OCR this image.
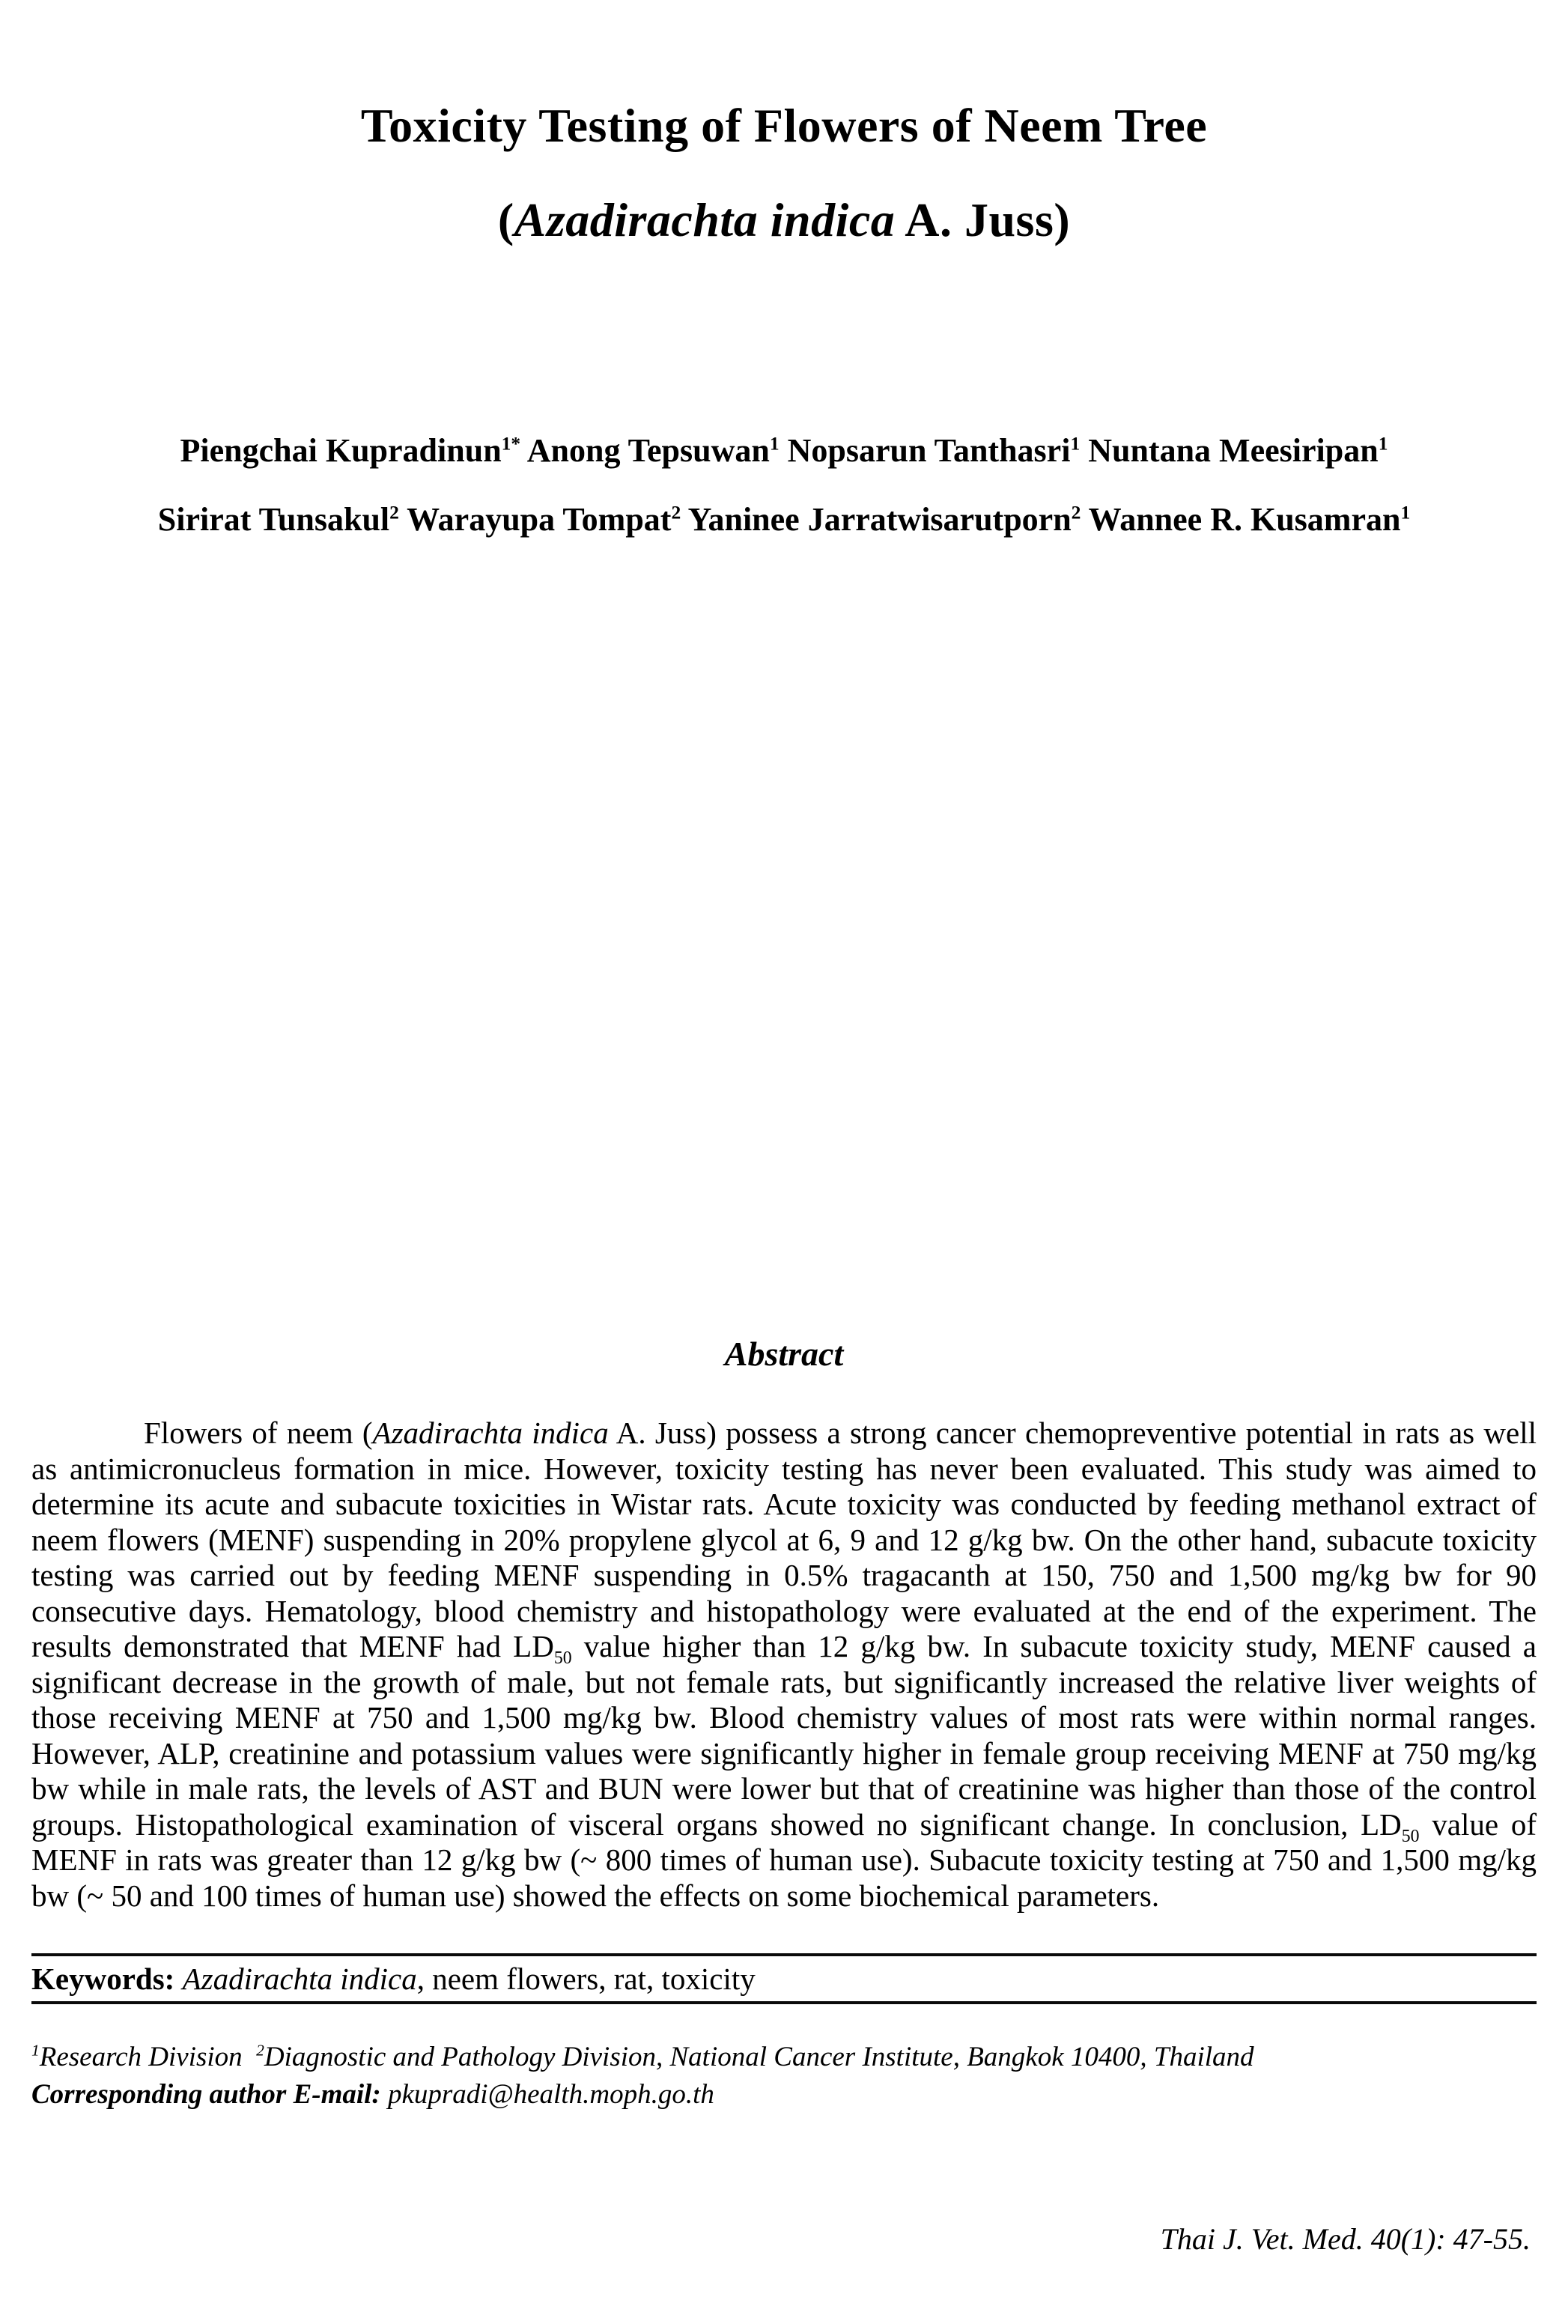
Toxicity Testing of Flowers of Neem Tree
(Azadirachta indica A. Juss)
Piengchai Kupradinun$^{1*}$ Anong Tepsuwan$^1$ Nopsarun Tanthasri$^1$ Nuntana Meesiripan$^1$
Sirirat Tunsakul$^2$ Warayupa Tompat$^2$ Yaninee Jarratwisarutporn$^2$ Wannee R. Kusamran$^1$
Abstract
Flowers of neem (Azadirachta indica A. Juss) possess a strong cancer chemopreventive potential in rats as well as antimicronucleus formation in mice. However, toxicity testing has never been evaluated. This study was aimed to determine its acute and subacute toxicities in Wistar rats. Acute toxicity was conducted by feeding methanol extract of neem flowers (MENF) suspending in 20% propylene glycol at 6, 9 and 12 g/kg bw. On the other hand, subacute toxicity testing was carried out by feeding MENF suspending in 0.5% tragacanth at 150, 750 and 1,500 mg/kg bw for 90 consecutive days. Hematology, blood chemistry and histopathology were evaluated at the end of the experiment. The results demonstrated that MENF had $LD_{50}$ value higher than 12 g/kg bw. In subacute toxicity study, MENF caused a significant decrease in the growth of male, but not female rats, but significantly increased the relative liver weights of those receiving MENF at 750 and 1,500 mg/kg bw. Blood chemistry values of most rats were within normal ranges. However, ALP, creatinine and potassium values were significantly higher in female group receiving MENF at 750 mg/kg bw while in male rats, the levels of AST and BUN were lower but that of creatinine was higher than those of the control groups. Histopathological examination of visceral organs showed no significant change. In conclusion, $LD_{50}$ value of MENF in rats was greater than 12 g/kg bw (~ 800 times of human use). Subacute toxicity testing at 750 and 1,500 mg/kg bw (~ 50 and 100 times of human use) showed the effects on some biochemical parameters.
Keywords: Azadirachta indica, neem flowers, rat, toxicity
$^1$Research Division  $^2$Diagnostic and Pathology Division, National Cancer Institute, Bangkok 10400, Thailand
Corresponding author E-mail: pkupradi@health.moph.go.th
Thai J. Vet. Med. 40(1): 47-55.
